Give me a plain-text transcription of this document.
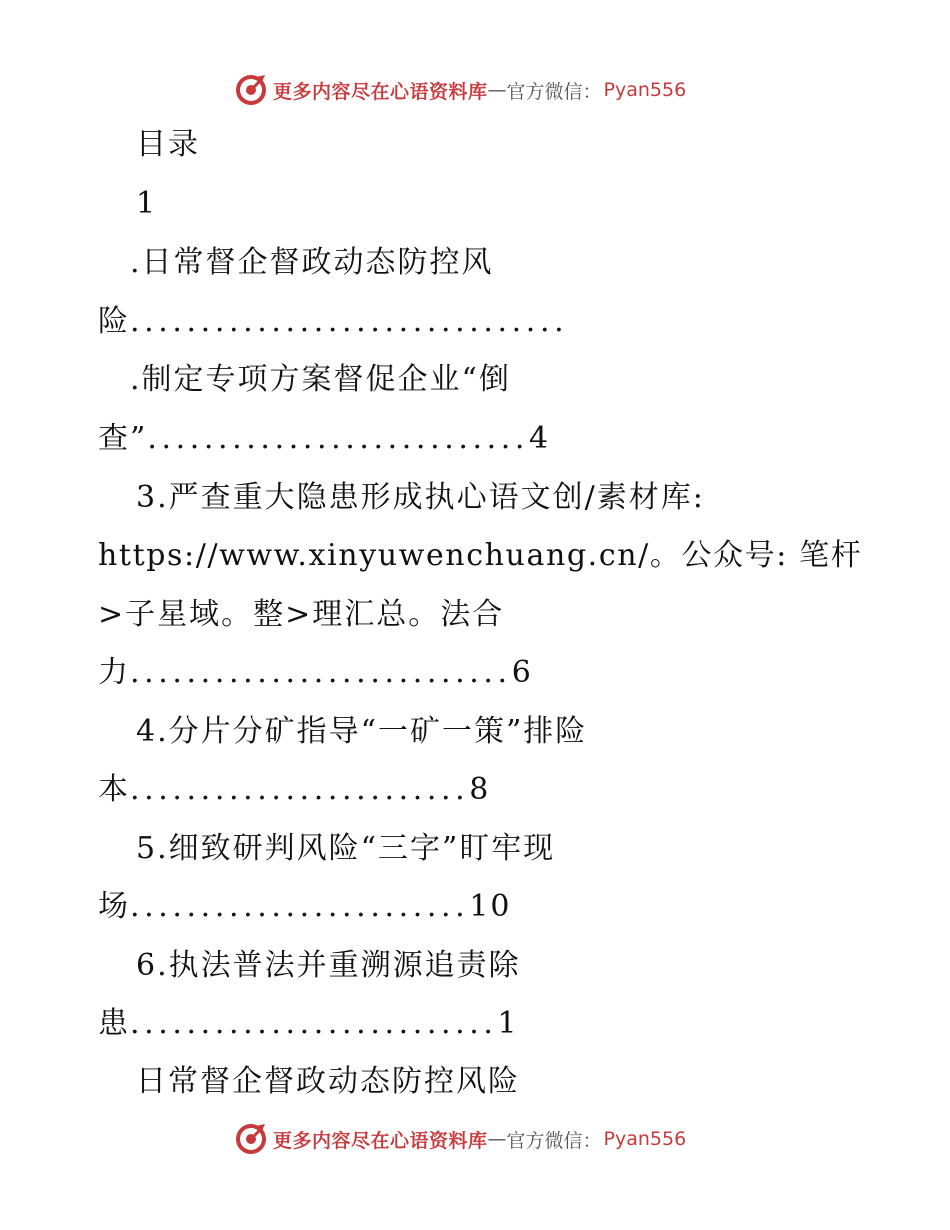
更多内容尽在心语资料库 — 官方微信： Pyan556
目录
1
.日常督企督政动态防控风
险...............................
.制定专项方案督促企业“倒
查”...........................4
3.严查重大隐患形成执心语文创/素材库:
https://www.xinyuwenchuang.cn/。公众号: 笔杆
>子星域。整>理汇总。法合
力...........................6
4.分片分矿指导“一矿一策”排险
本........................8
5.细致研判风险“三字”盯牢现
场........................10
6.执法普法并重溯源追责除
患..........................1
日常督企督政动态防控风险
更多内容尽在心语资料库 — 官方微信： Pyan556
